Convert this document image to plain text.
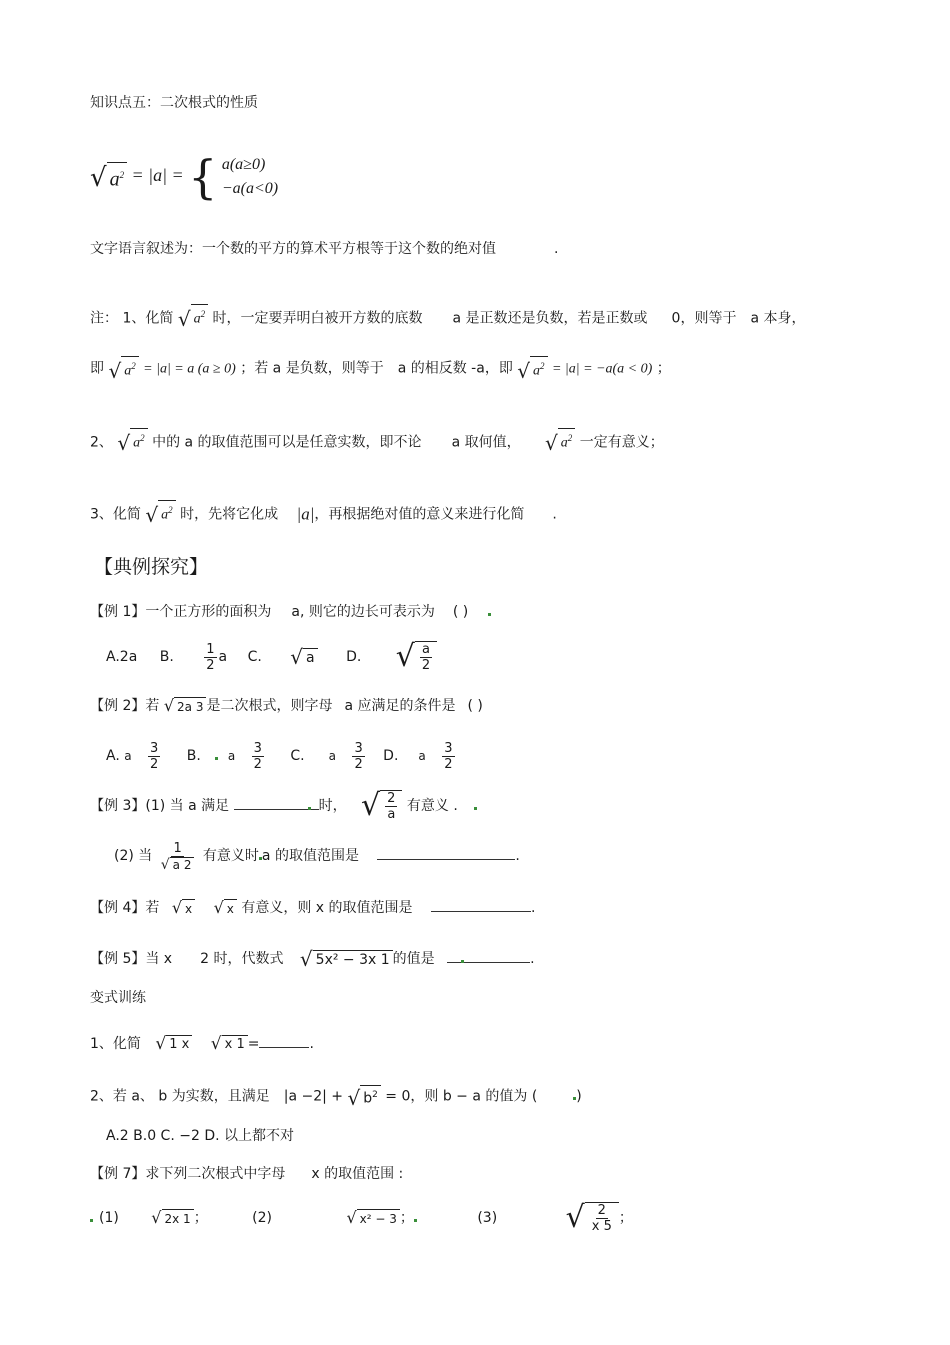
知识点五：二次根式的性质
√ $a^2 = |a|$ = { a(a≥0)
−a(a<0)
文字语言叙述为：一个数的平方的算术平方根等于这个数的绝对值	.
注： 1、化简 √ $a^2$ 时，一定要弄明白被开方数的底数 a 是正数还是负数，若是正数或 0，则等于 a 本身，
即 √ $a^2 = |a| = a$ (a ≥ 0) ；若 a 是负数，则等于 a 的相反数 -a，即 √ $a^2 = |a| = -a(a < 0)$ ；
2、 √ $a^2$ 中的 a 的取值范围可以是任意实数，即不论 a 取何值， √ $a^2$ 一定有意义；
3、化简 √ $a^2$ 时，先将它化成 |a|，再根据绝对值的意义来进行化简 .
【典例探究】
【例 1】一个正方形的面积为 a, 则它的边长可表示为 ( )
A.2a B. $\frac{1}{2}$ a C. √ a D. √ $\frac{a}{2}$
【例 2】若 √ 2a 3 是二次根式，则字母 a 应满足的条件是 ( )
A. a $\frac{3}{2} B$. a $\frac{3}{2} C$. a $\frac{3}{2} D$. a $\frac{3}{2}$
【例 3】(1) 当 a 满足	时， √ $\frac{2}{a}$ 有意义 .
(2) 当 $\frac{1}{√ a 2}$ 有意义时 a 的取值范围是	.
【例 4】若 √ x
√ x 有意义，则 x 的取值范围是	.
【例 5】当 x 2 时，代数式 √ 5x² − 3x 1 的值是	.
变式训练
1、化简 √ 1 x
√ x 1 =	.
2、若 a、 b 为实数，且满足 |a −2| + √ $b^2 = 0$，则 b − a 的值为 (	)
A.2 B.0 C. −2 D. 以上都不对
【例 7】求下列二次根式中字母 x 的取值范围 :
(1) √ 2x 1 ；	(2)	√ x² − 3 ；	(3) √ $\frac{2}{x 5}$ ；
